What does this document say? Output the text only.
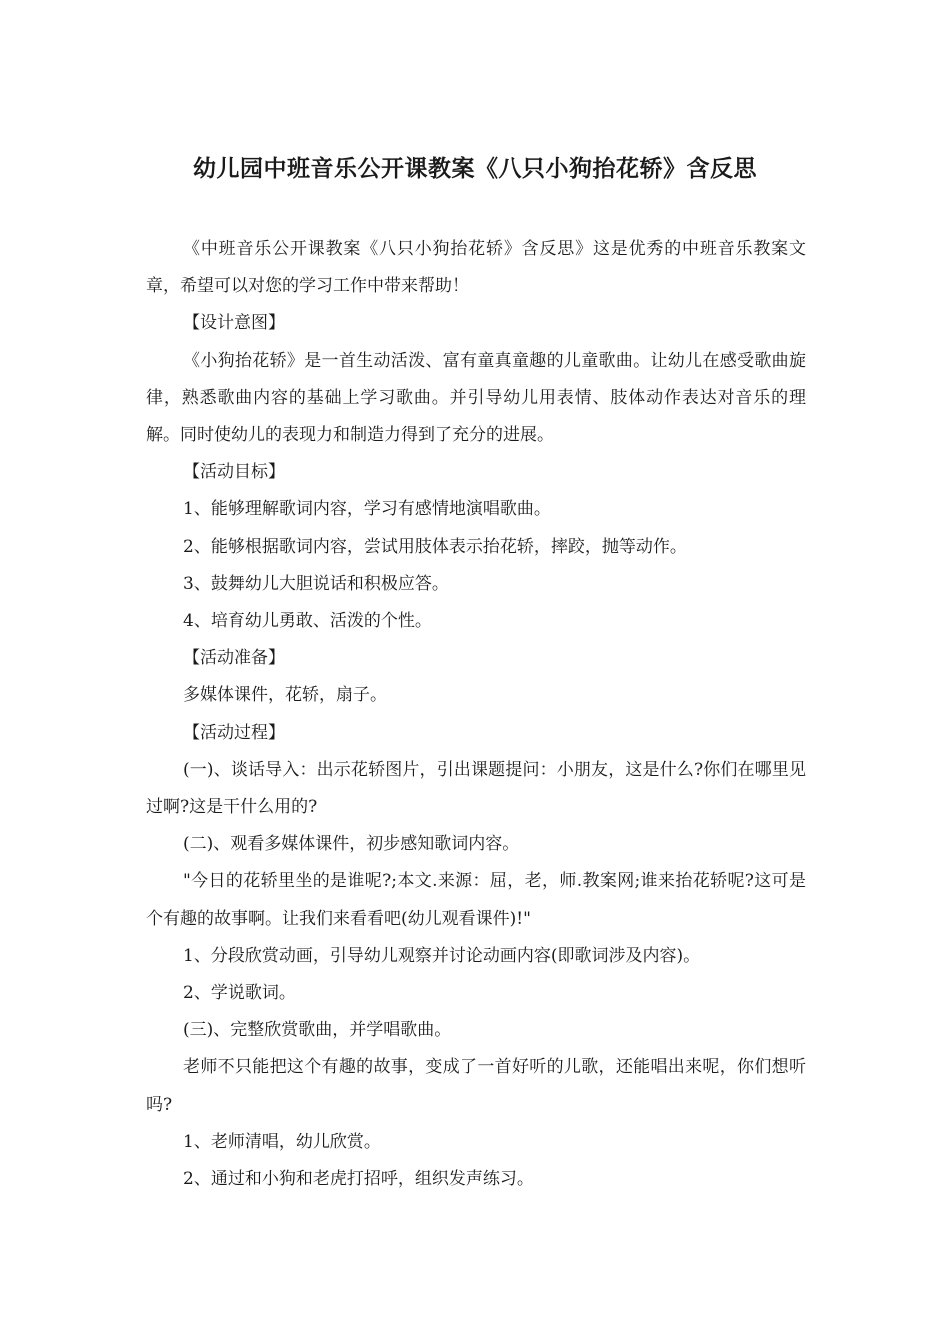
幼儿园中班音乐公开课教案《八只小狗抬花轿》含反思

《中班音乐公开课教案《八只小狗抬花轿》含反思》这是优秀的中班音乐教案文章，希望可以对您的学习工作中带来帮助！

【设计意图】

《小狗抬花轿》是一首生动活泼、富有童真童趣的儿童歌曲。让幼儿在感受歌曲旋律，熟悉歌曲内容的基础上学习歌曲。并引导幼儿用表情、肢体动作表达对音乐的理解。同时使幼儿的表现力和制造力得到了充分的进展。

【活动目标】

1、能够理解歌词内容，学习有感情地演唱歌曲。

2、能够根据歌词内容，尝试用肢体表示抬花轿，摔跤，抛等动作。

3、鼓舞幼儿大胆说话和积极应答。

4、培育幼儿勇敢、活泼的个性。

【活动准备】

多媒体课件，花轿，扇子。

【活动过程】

(一)、谈话导入：出示花轿图片，引出课题提问：小朋友，这是什么?你们在哪里见过啊?这是干什么用的?

(二)、观看多媒体课件，初步感知歌词内容。

"今日的花轿里坐的是谁呢?;本文.来源：屈，老，师.教案网;谁来抬花轿呢?这可是个有趣的故事啊。让我们来看看吧(幼儿观看课件)!"

1、分段欣赏动画，引导幼儿观察并讨论动画内容(即歌词涉及内容)。

2、学说歌词。

(三)、完整欣赏歌曲，并学唱歌曲。

老师不只能把这个有趣的故事，变成了一首好听的儿歌，还能唱出来呢，你们想听吗?

1、老师清唱，幼儿欣赏。

2、通过和小狗和老虎打招呼，组织发声练习。
